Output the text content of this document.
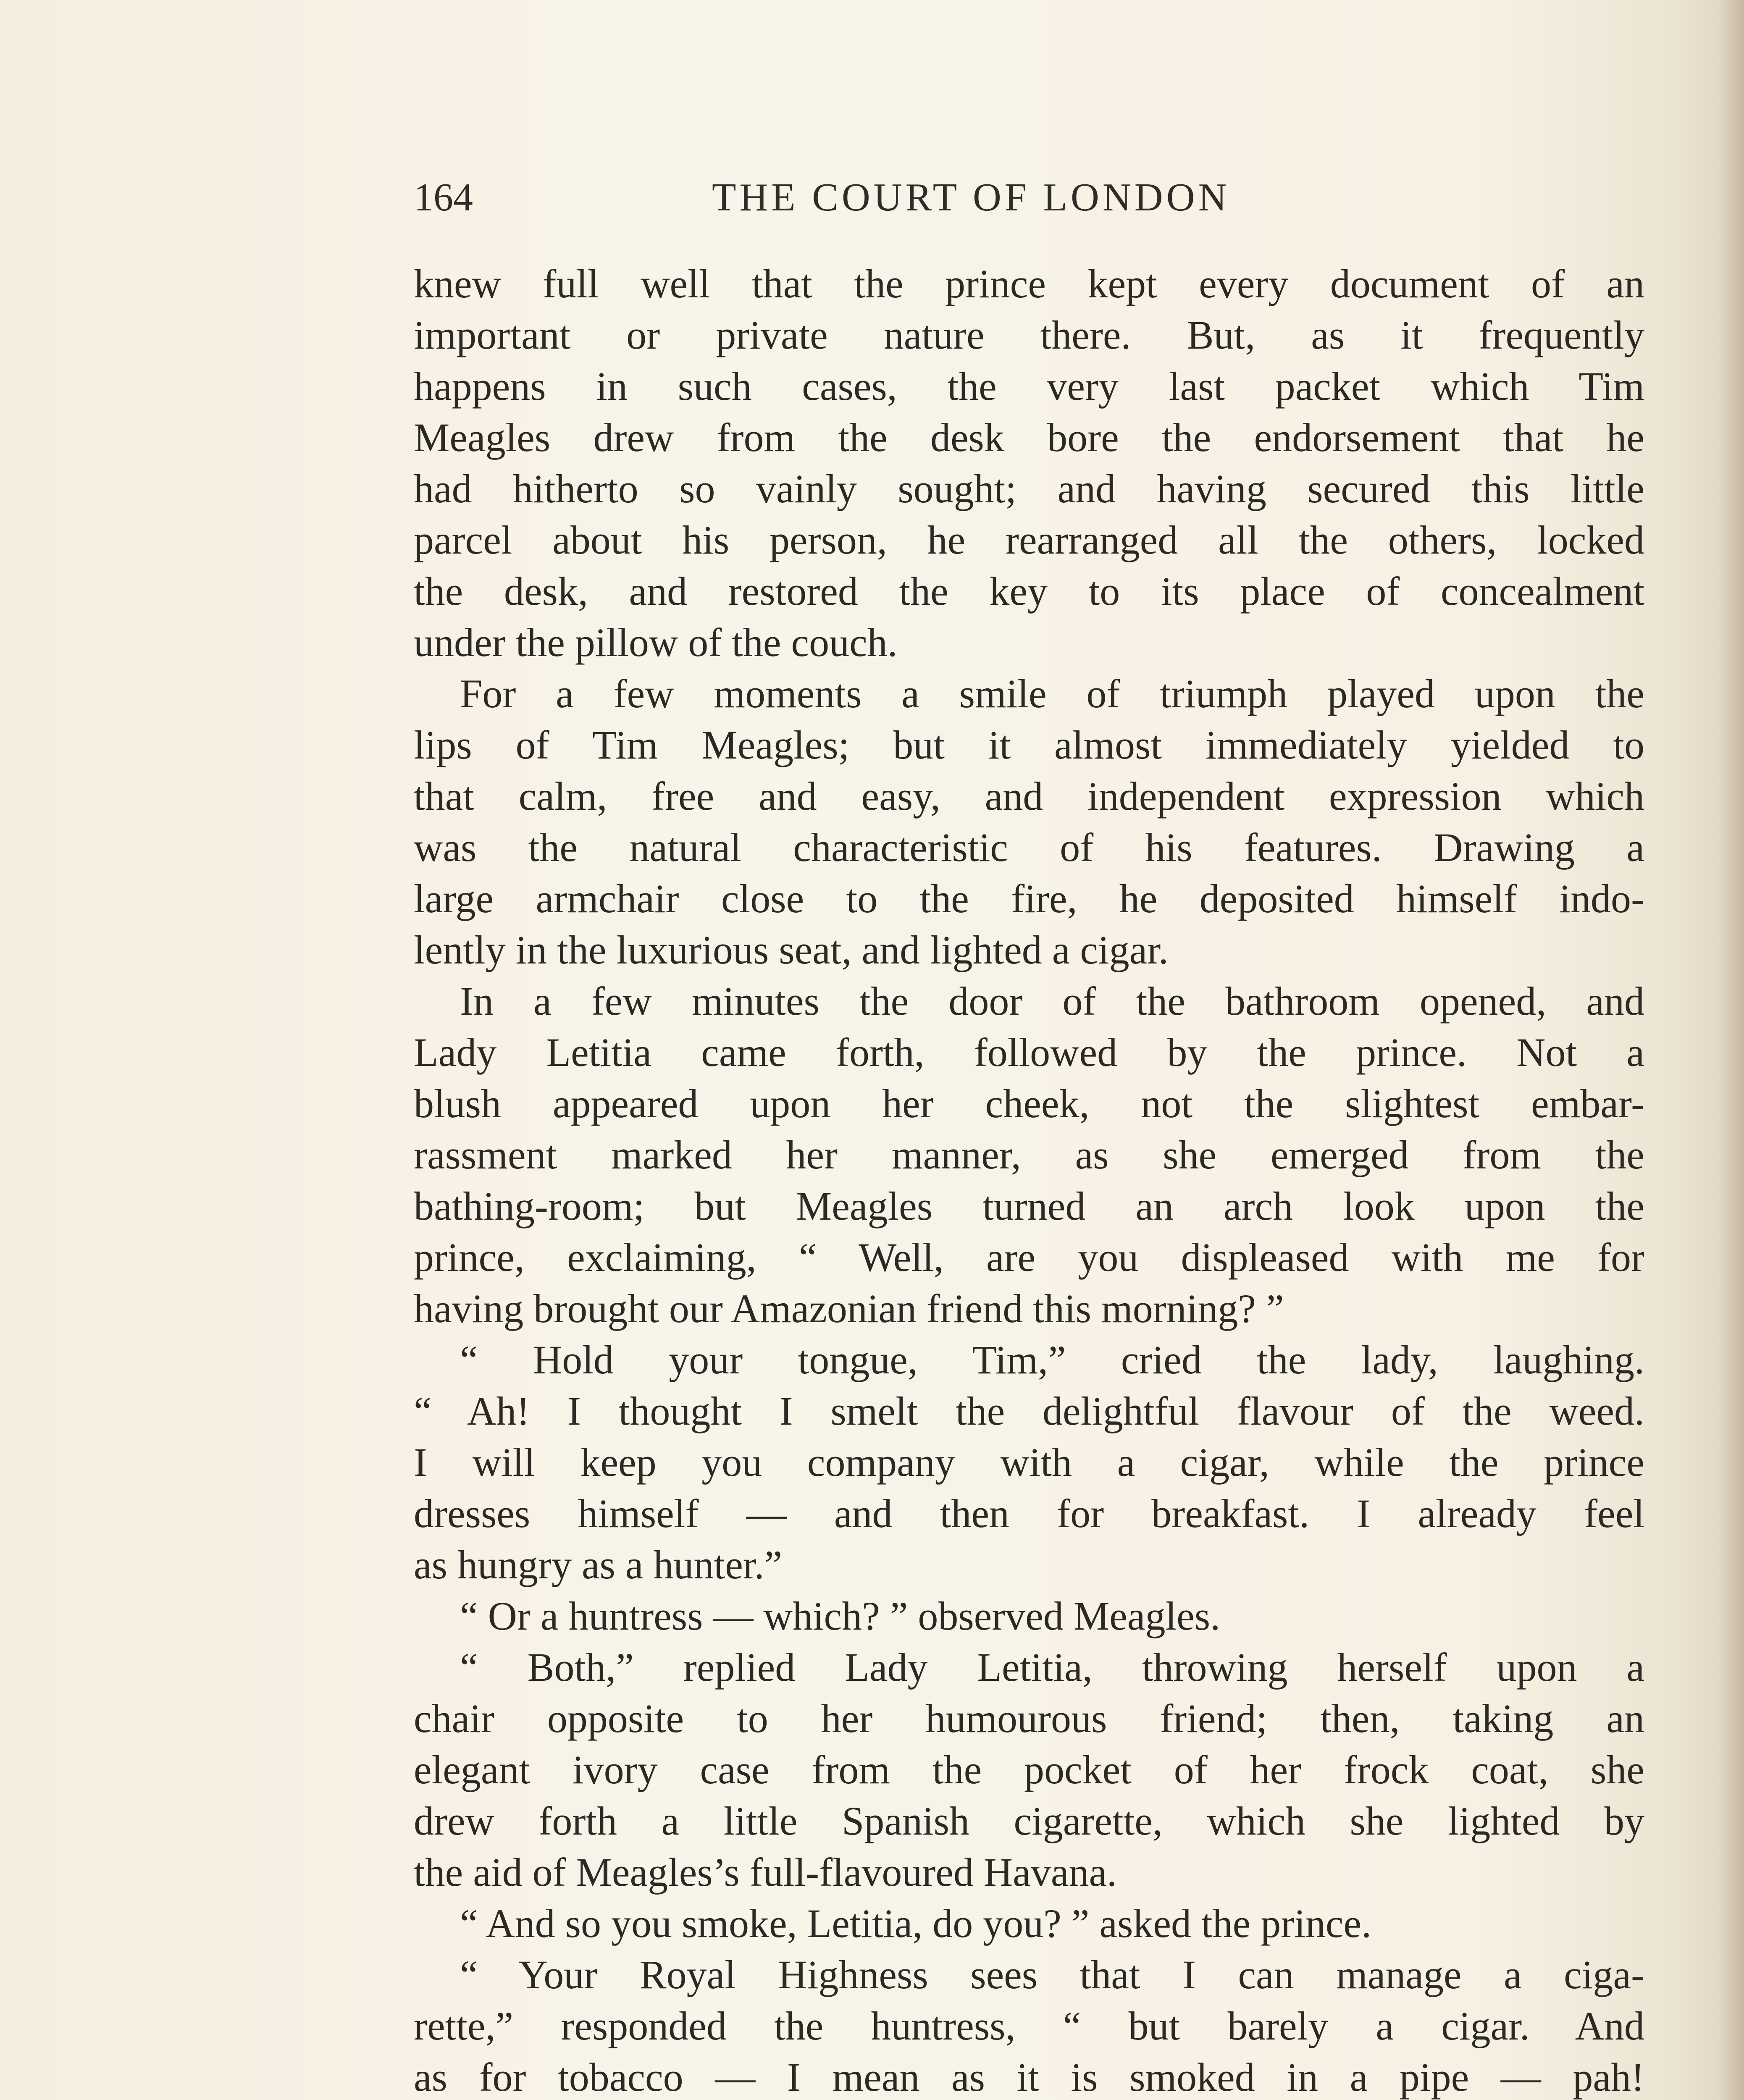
164	THE COURT OF LONDON
knew full well that the prince kept every document of an
important or private nature there. But, as it frequently
happens in such cases, the very last packet which Tim
Meagles drew from the desk bore the endorsement that he
had hitherto so vainly sought; and having secured this little
parcel about his person, he rearranged all the others, locked
the desk, and restored the key to its place of concealment
under the pillow of the couch.
For a few moments a smile of triumph played upon the
lips of Tim Meagles; but it almost immediately yielded to
that calm, free and easy, and independent expression which
was the natural characteristic of his features. Drawing a
large armchair close to the fire, he deposited himself indo-
lently in the luxurious seat, and lighted a cigar.
In a few minutes the door of the bathroom opened, and
Lady Letitia came forth, followed by the prince. Not a
blush appeared upon her cheek, not the slightest embar-
rassment marked her manner, as she emerged from the
bathing-room; but Meagles turned an arch look upon the
prince, exclaiming, “ Well, are you displeased with me for
having brought our Amazonian friend this morning? ”
“ Hold your tongue, Tim,” cried the lady, laughing.
“ Ah! I thought I smelt the delightful flavour of the weed.
I will keep you company with a cigar, while the prince
dresses himself — and then for breakfast. I already feel
as hungry as a hunter.”
“ Or a huntress — which? ” observed Meagles.
“ Both,” replied Lady Letitia, throwing herself upon a
chair opposite to her humourous friend; then, taking an
elegant ivory case from the pocket of her frock coat, she
drew forth a little Spanish cigarette, which she lighted by
the aid of Meagles’s full-flavoured Havana.
“ And so you smoke, Letitia, do you? ” asked the prince.
“ Your Royal Highness sees that I can manage a ciga-
rette,” responded the huntress, “ but barely a cigar. And
as for tobacco — I mean as it is smoked in a pipe — pah!
